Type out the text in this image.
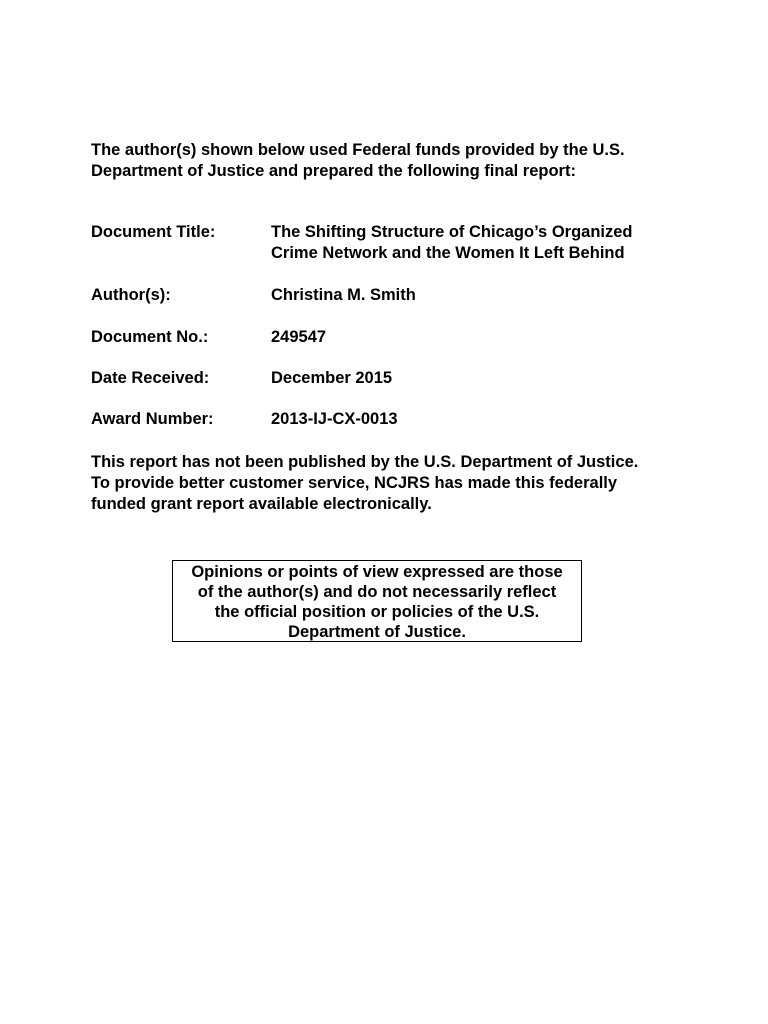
The author(s) shown below used Federal funds provided by the U.S.
Department of Justice and prepared the following final report:
Document Title:	The Shifting Structure of Chicago’s Organized
Crime Network and the Women It Left Behind
Author(s):	Christina M. Smith
Document No.:	249547
Date Received:	December 2015
Award Number:	2013-IJ-CX-0013
This report has not been published by the U.S. Department of Justice.
To provide better customer service, NCJRS has made this federally
funded grant report available electronically.
Opinions or points of view expressed are those
of the author(s) and do not necessarily reflect
the official position or policies of the U.S.
Department of Justice.
